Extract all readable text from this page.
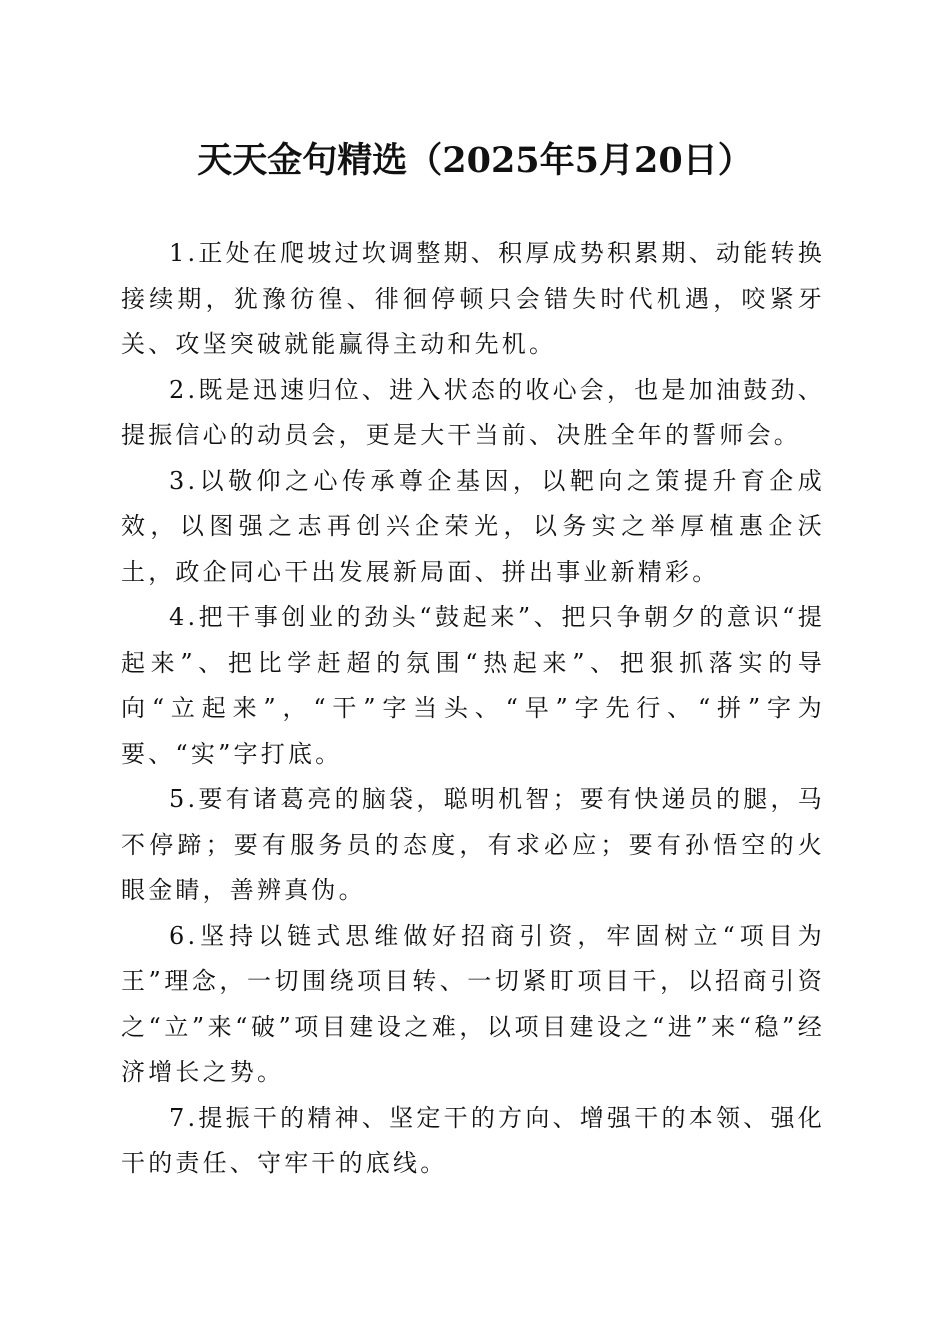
天天金句精选（2025年5月20日）

1.正处在爬坡过坎调整期、积厚成势积累期、动能转换接续期，犹豫彷徨、徘徊停顿只会错失时代机遇，咬紧牙关、攻坚突破就能赢得主动和先机。

2.既是迅速归位、进入状态的收心会，也是加油鼓劲、提振信心的动员会，更是大干当前、决胜全年的誓师会。

3.以敬仰之心传承尊企基因，以靶向之策提升育企成效，以图强之志再创兴企荣光，以务实之举厚植惠企沃土，政企同心干出发展新局面、拼出事业新精彩。

4.把干事创业的劲头“鼓起来”、把只争朝夕的意识“提起来”、把比学赶超的氛围“热起来”、把狠抓落实的导向“立起来”，“干”字当头、“早”字先行、“拼”字为要、“实”字打底。

5.要有诸葛亮的脑袋，聪明机智；要有快递员的腿，马不停蹄；要有服务员的态度，有求必应；要有孙悟空的火眼金睛，善辨真伪。

6.坚持以链式思维做好招商引资，牢固树立“项目为王”理念，一切围绕项目转、一切紧盯项目干，以招商引资之“立”来“破”项目建设之难，以项目建设之“进”来“稳”经济增长之势。

7.提振干的精神、坚定干的方向、增强干的本领、强化干的责任、守牢干的底线。
